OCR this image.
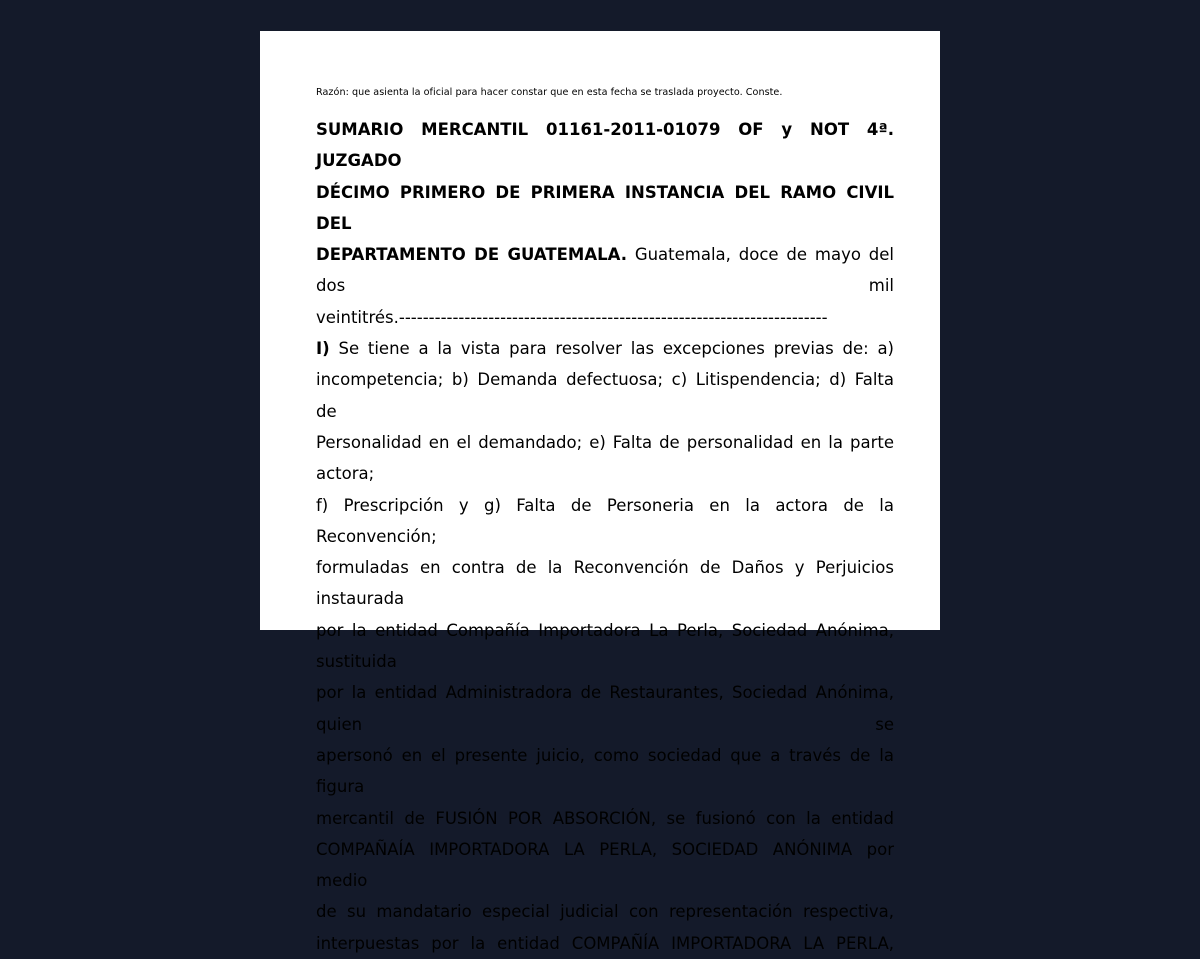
Razón: que asienta la oficial para hacer constar que en esta fecha se traslada proyecto. Conste.

SUMARIO MERCANTIL 01161-2011-01079 OF y NOT 4ª. JUZGADO

DÉCIMO PRIMERO DE PRIMERA INSTANCIA DEL RAMO CIVIL DEL

DEPARTAMENTO DE GUATEMALA. Guatemala, doce de mayo del dos mil

veintitrés.------------------------------------------------------------------------

I) Se tiene a la vista para resolver las excepciones previas de: a)

incompetencia; b) Demanda defectuosa; c) Litispendencia; d) Falta de

Personalidad en el demandado; e) Falta de personalidad en la parte actora;

f) Prescripción y g) Falta de Personeria en la actora de la Reconvención;

formuladas en contra de la Reconvención de Daños y Perjuicios instaurada

por la entidad Compañía Importadora La Perla, Sociedad Anónima, sustituida

por la entidad Administradora de Restaurantes, Sociedad Anónima, quien se

apersonó en el presente juicio, como sociedad que a través de la figura

mercantil de FUSIÓN POR ABSORCIÓN, se fusionó con la entidad

COMPAÑAÍA IMPORTADORA LA PERLA, SOCIEDAD ANÓNIMA por medio

de su mandatario especial judicial con representación respectiva,

interpuestas por la entidad COMPAÑÍA IMPORTADORA LA PERLA,
